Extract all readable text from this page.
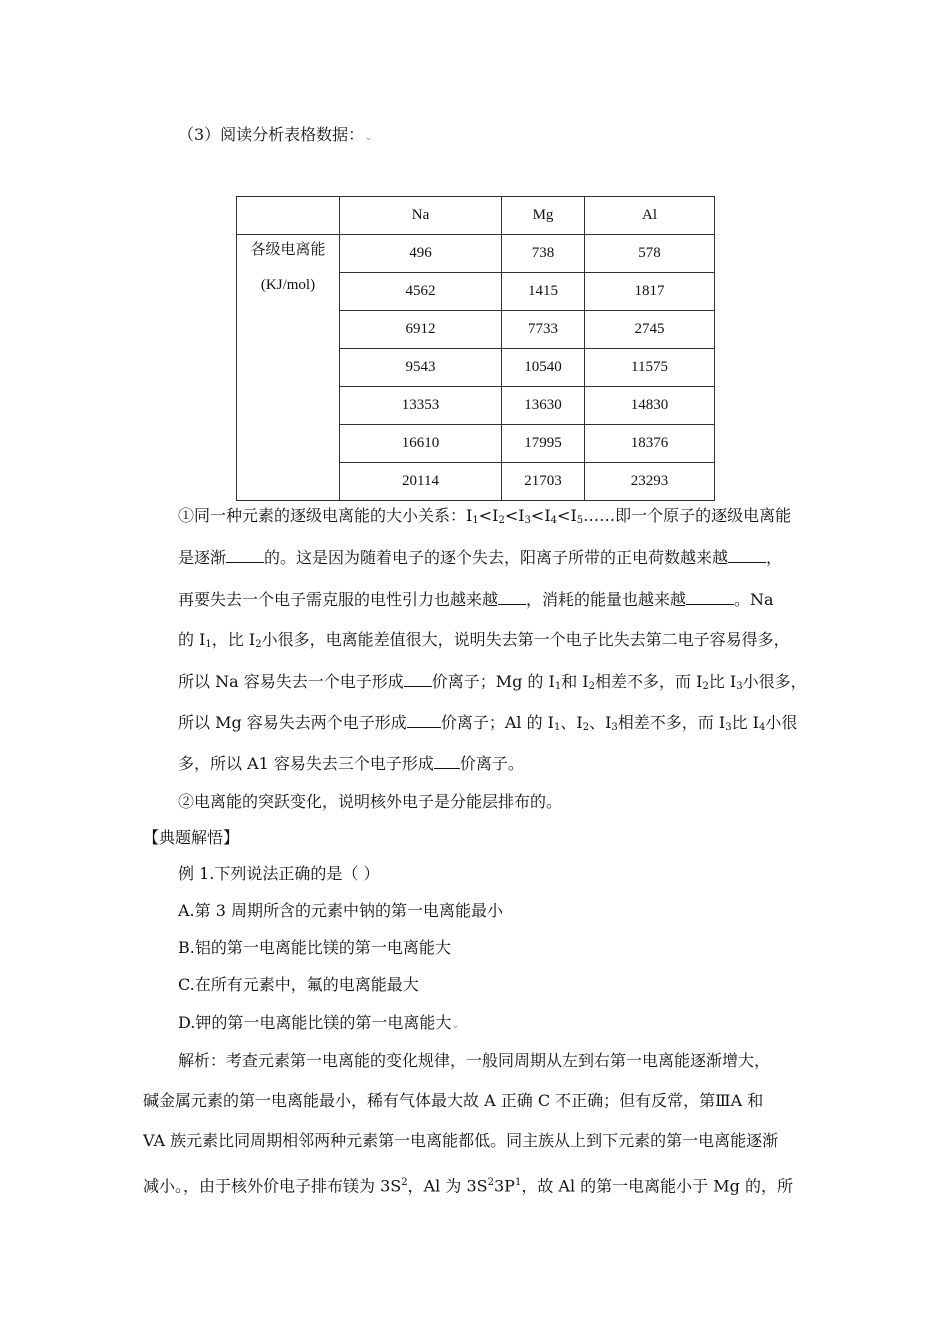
（3）阅读分析表格数据：⌄
	Na	Mg	Al

各级电离能
(KJ/mol)	496	738	578
	4562	1415	1817
	6912	7733	2745
	9543	10540	11575
	13353	13630	14830
	16610	17995	18376
	20114	21703	23293
①同一种元素的逐级电离能的大小关系：$I_1<I_2<I_3<I_4<I_5\dots\dots$即一个原子的逐级电离能
是逐渐 的。这是因为随着电子的逐个失去，阳离子所带的正电荷数越来越 ，
再要失去一个电子需克服的电性引力也越来越 ，消耗的能量也越来越	。Na
的 $I_1$，比 $I_2$小很多，电离能差值很大，说明失去第一个电子比失去第二电子容易得多，
所以 Na 容易失去一个电子形成 价离子；Mg 的 $I_1$和 $I_2$相差不多，而 $I_2$比 $I_3$小很多，
所以 Mg 容易失去两个电子形成 价离子；Al 的 $I_1$、$I_2$、$I_3$相差不多，而 $I_3$比 $I_4$小很
多，所以 A1 容易失去三个电子形成 价离子。
②电离能的突跃变化，说明核外电子是分能层排布的。
【典题解悟】
例 1.下列说法正确的是（ ）
A.第 3 周期所含的元素中钠的第一电离能最小
B.铝的第一电离能比镁的第一电离能大
C.在所有元素中，氟的电离能最大
D.钾的第一电离能比镁的第一电离能大⌄
解析：考查元素第一电离能的变化规律，一般同周期从左到右第一电离能逐渐增大，
碱金属元素的第一电离能最小，稀有气体最大故 A 正确 C 不正确；但有反常，第ⅢA 和
VA 族元素比同周期相邻两种元素第一电离能都低。同主族从上到下元素的第一电离能逐渐
减小。，由于核外价电子排布镁为 $3S^2$，Al 为 $3S^23P^1$，故 Al 的第一电离能小于 Mg 的，所
